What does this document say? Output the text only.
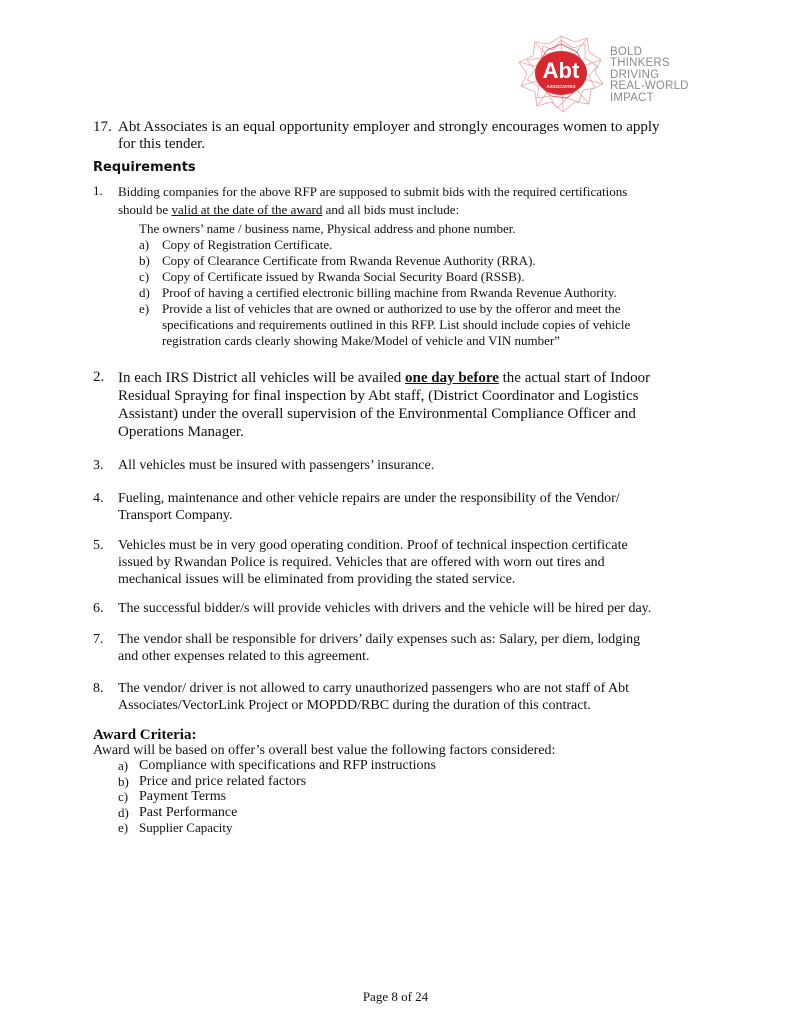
Abt
ASSOCIATES
BOLD
THINKERS
DRIVING
REAL-WORLD
IMPACT
17. Abt Associates is an equal opportunity employer and strongly encourages women to apply
for this tender.
Requirements
1. Bidding companies for the above RFP are supposed to submit bids with the required certifications
should be valid at the date of the award and all bids must include:
The owners’ name / business name, Physical address and phone number.
a)
b)
c)
d)
e)
Copy of Registration Certificate.
Copy of Clearance Certificate from Rwanda Revenue Authority (RRA).
Copy of Certificate issued by Rwanda Social Security Board (RSSB).
Proof of having a certified electronic billing machine from Rwanda Revenue Authority.
Provide a list of vehicles that are owned or authorized to use by the offeror and meet the
specifications and requirements outlined in this RFP. List should include copies of vehicle
registration cards clearly showing Make/Model of vehicle and VIN number”
2. In each IRS District all vehicles will be availed one day before the actual start of Indoor
Residual Spraying for final inspection by Abt staff, (District Coordinator and Logistics
Assistant) under the overall supervision of the Environmental Compliance Officer and
Operations Manager.
3. All vehicles must be insured with passengers’ insurance.
4. Fueling, maintenance and other vehicle repairs are under the responsibility of the Vendor/
Transport Company.
5. Vehicles must be in very good operating condition. Proof of technical inspection certificate
issued by Rwandan Police is required. Vehicles that are offered with worn out tires and
mechanical issues will be eliminated from providing the stated service.
6. The successful bidder/s will provide vehicles with drivers and the vehicle will be hired per day.
7. The vendor shall be responsible for drivers’ daily expenses such as: Salary, per diem, lodging
and other expenses related to this agreement.
8. The vendor/ driver is not allowed to carry unauthorized passengers who are not staff of Abt
Associates/VectorLink Project or MOPDD/RBC during the duration of this contract.
Award Criteria:
Award will be based on offer’s overall best value the following factors considered:
a)
b)
c)
d)
e)
Compliance with specifications and RFP instructions
Price and price related factors
Payment Terms
Past Performance
Supplier Capacity
Page 8 of 24
